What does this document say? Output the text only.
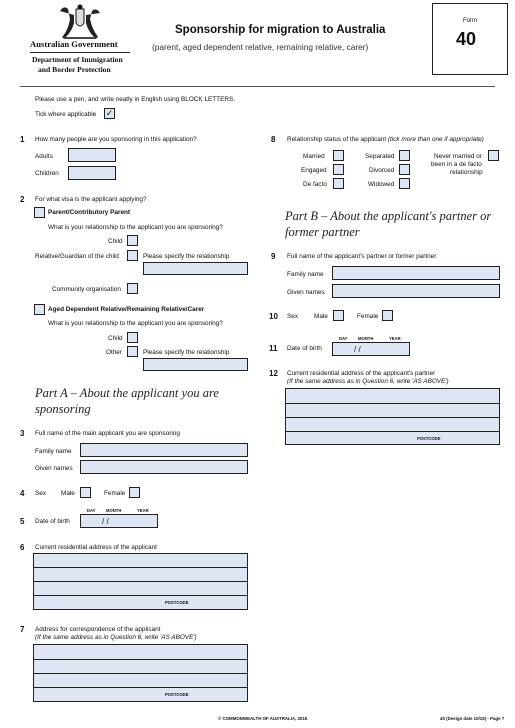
Australian Government
Department of Immigration
and Border Protection
Sponsorship for migration to Australia
(parent, aged dependent relative, remaining relative, carer)
Form
40
Please use a pen, and write neatly in English using BLOCK LETTERS.
Tick where applicable ✓
1 How many people are you sponsoring in this application?
Adults
Children
2 For what visa is the applicant applying?
Parent/Contributory Parent
What is your relationship to the applicant you are sponsoring?
Child
Relative/Guardian of the child	Please specify the relationship
Community organisation
Aged Dependent Relative/Remaining Relative/Carer
What is your relationship to the applicant you are sponsoring?
Child
Other	Please specify the relationship
Part A – About the applicant you are
sponsoring
3 Full name of the main applicant you are sponsoring
Family name
Given names
4 Sex Male	Female
DAY	MONTH	YEAR
5 Date of birth	/ /
6 Current residential address of the applicant
POSTCODE
7 Address for correspondence of the applicant
(If the same address as in Question 6, write 'AS ABOVE')
POSTCODE
8 Relationship status of the applicant (tick more than one if appropriate)
Married
Engaged
De facto
Separated
Divorced
Widowed
Never married or
been in a de facto
relationship
Part B – About the applicant's partner or
former partner
9 Full name of the applicant's partner or former partner
Family name
Given names
10 Sex Male	Female
DAY	MONTH	YEAR
11 Date of birth	/ /
12 Current residential address of the applicant's partner
(If the same address as in Question 6, write 'AS ABOVE')
POSTCODE
© COMMONWEALTH OF AUSTRALIA, 2015	40 (Design date 10/15) - Page 7
